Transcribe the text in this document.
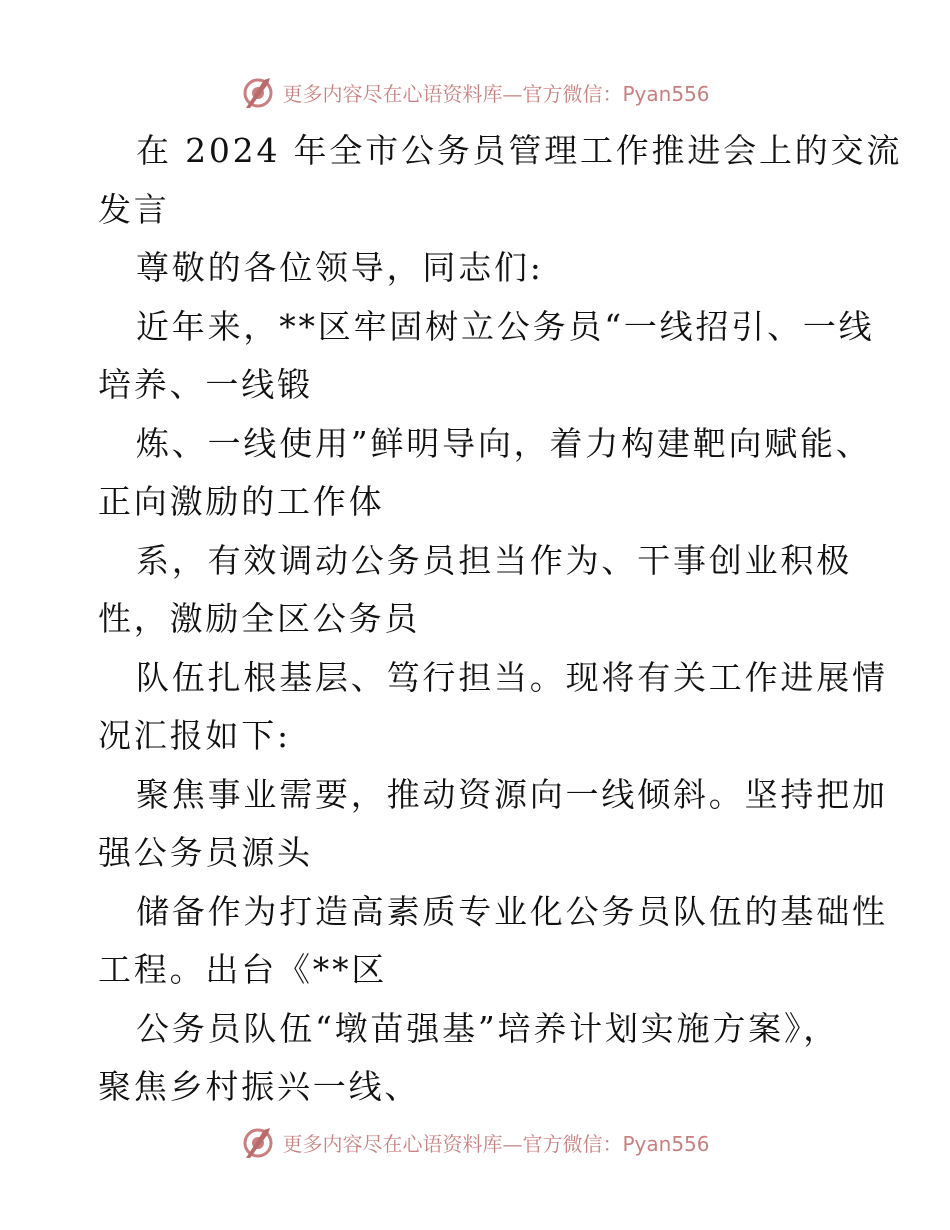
更多内容尽在心语资料库—官方微信：Pyan556
在 2024 年全市公务员管理工作推进会上的交流
发言
尊敬的各位领导，同志们:
近年来，**区牢固树立公务员“一线招引、一线
培养、一线锻
炼、一线使用”鲜明导向，着力构建靶向赋能、
正向激励的工作体
系，有效调动公务员担当作为、干事创业积极
性，激励全区公务员
队伍扎根基层、笃行担当。现将有关工作进展情
况汇报如下:
聚焦事业需要，推动资源向一线倾斜。坚持把加
强公务员源头
储备作为打造高素质专业化公务员队伍的基础性
工程。出台《**区
公务员队伍“墩苗强基”培养计划实施方案》，
聚焦乡村振兴一线、
更多内容尽在心语资料库—官方微信：Pyan556
